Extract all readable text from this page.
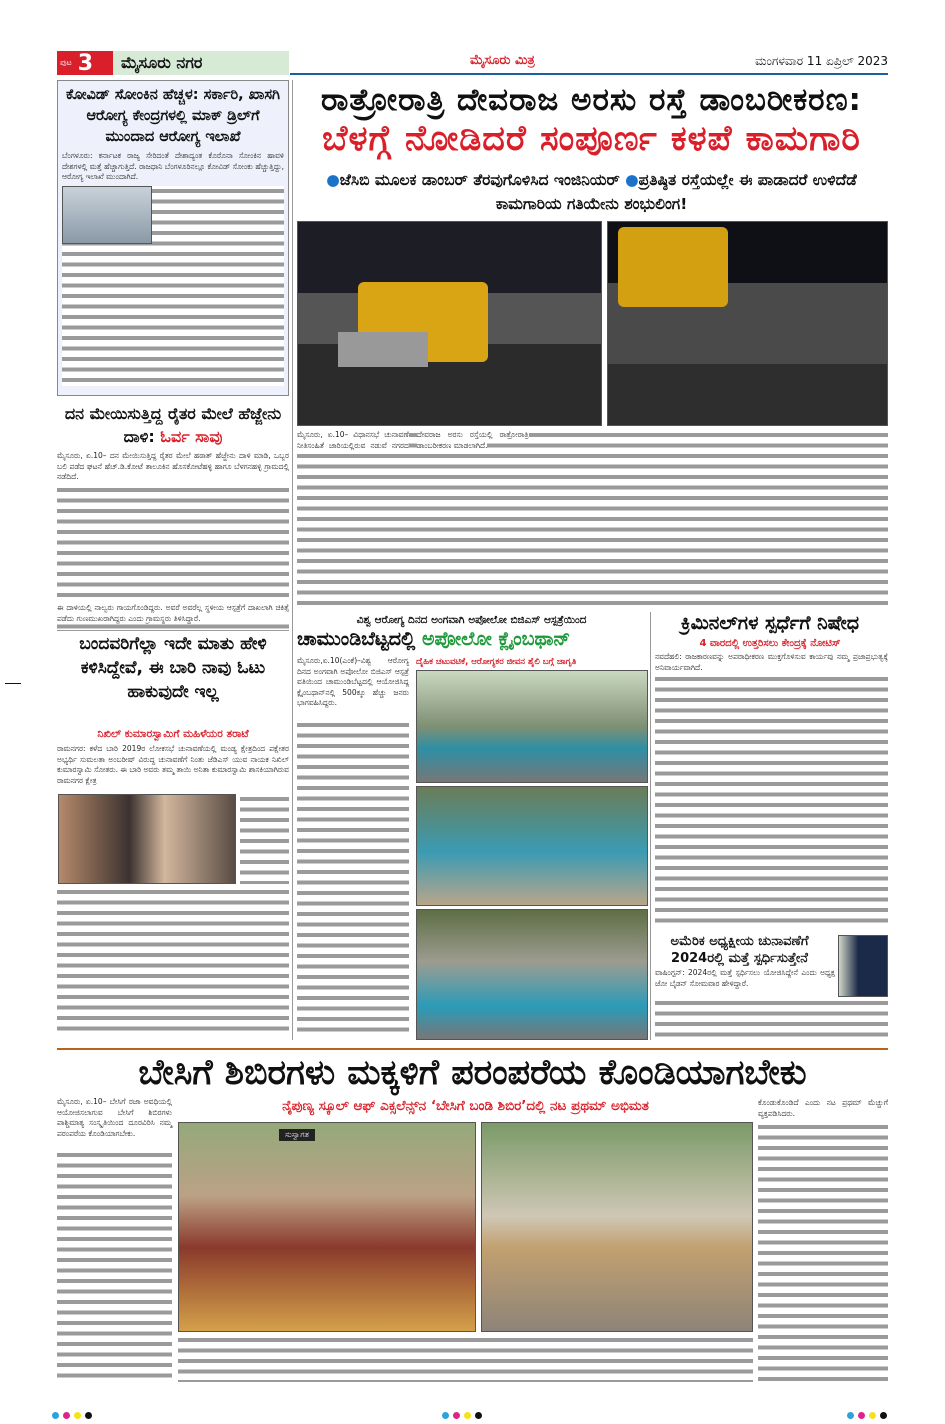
ಪುಟ 3	ಮೈಸೂರು ನಗರ	ಮೈಸೂರು ಮಿತ್ರ	ಮಂಗಳವಾರ 11 ಏಪ್ರಿಲ್ 2023
ರಾತ್ರೋರಾತ್ರಿ ದೇವರಾಜ ಅರಸು ರಸ್ತೆ ಡಾಂಬರೀಕರಣ:
ಬೆಳಗ್ಗೆ ನೋಡಿದರೆ ಸಂಪೂರ್ಣ ಕಳಪೆ ಕಾಮಗಾರಿ
●ಜೆಸಿಬಿ ಮೂಲಕ ಡಾಂಬರ್ ತೆರವುಗೊಳಿಸಿದ ಇಂಜಿನಿಯರ್ ●ಪ್ರತಿಷ್ಠಿತ ರಸ್ತೆಯಲ್ಲೇ ಈ ಪಾಡಾದರೆ ಉಳಿದೆಡೆ ಕಾಮಗಾರಿಯ ಗತಿಯೇನು ಶಂಭುಲಿಂಗ!
ಮೈಸೂರು, ಏ.10– ವಿಧಾನಸಭೆ ಚುನಾವಣೆ ನೀತಿಸಂಹಿತೆ ಜಾರಿಯಲ್ಲಿರುವ ನಡುವೆ ನಗರದ ದೇವರಾಜ ಅರಸು ರಸ್ತೆಯಲ್ಲಿ ರಾತ್ರೋರಾತ್ರಿ ಡಾಂಬರೀಕರಣ ಮಾಡಲಾಗಿದೆ.
ಕೋವಿಡ್ ಸೋಂಕಿನ ಹೆಚ್ಚಳ: ಸರ್ಕಾರಿ, ಖಾಸಗಿ ಆರೋಗ್ಯ ಕೇಂದ್ರಗಳಲ್ಲಿ ಮಾಕ್ ಡ್ರಿಲ್‌ಗೆ ಮುಂದಾದ ಆರೋಗ್ಯ ಇಲಾಖೆ
ಬೆಂಗಳೂರು: ಕರ್ನಾಟಕ ರಾಜ್ಯ ಸೇರಿದಂತೆ ದೇಶಾದ್ಯಂತ ಕೊರೊನಾ ಸೋಂಕಿನ ಹಾವಳಿ ದೇಶಗಳಲ್ಲಿ ಮತ್ತೆ ಹೆಚ್ಚಾಗುತ್ತಿದೆ. ರಾಜಧಾನಿ ಬೆಂಗಳೂರಿನಲ್ಲೂ ಕೋವಿಡ್ ಸೋಂಕು ಹೆಚ್ಚುತ್ತಿದ್ದು, ಆರೋಗ್ಯ ಇಲಾಖೆ ಮುಂದಾಗಿದೆ.
ದನ ಮೇಯಿಸುತ್ತಿದ್ದ ರೈತರ ಮೇಲೆ ಹೆಜ್ಜೇನು ದಾಳಿ: ಓರ್ವ ಸಾವು
ಮೈಸೂರು, ಏ.10– ದನ ಮೇಯಿಸುತ್ತಿದ್ದ ರೈತರ ಮೇಲೆ ಹಠಾತ್ ಹೆಜ್ಜೇನು ದಾಳಿ ಮಾಡಿ, ಒಬ್ಬರ ಬಲಿ ಪಡೆದ ಘಟನೆ ಹೆಚ್.ಡಿ.ಕೋಟೆ ತಾಲೂಕಿನ ಹೊಸಕೋಟೆಹಳ್ಳಿ ಹಾಗೂ ಬೆಳಗನಹಳ್ಳಿ ಗ್ರಾಮದಲ್ಲಿ ನಡೆದಿದೆ.
ಈ ದಾಳಿಯಲ್ಲಿ ನಾಲ್ವರು ಗಾಯಗೊಂಡಿದ್ದರು. ಅವರೆ ಅವರೆಲ್ಲ ಸ್ಥಳೀಯ ಆಸ್ಪತ್ರೆಗೆ ದಾಖಲಾಗಿ ಚಿಕಿತ್ಸೆ ಪಡೆದು ಗುಣಮುಖರಾಗಿದ್ದರು ಎಂದು ಗ್ರಾಮಸ್ಥರು ತಿಳಿಸಿದ್ದಾರೆ.
ಬಂದವರಿಗೆಲ್ಲಾ ಇದೇ ಮಾತು ಹೇಳಿ ಕಳಿಸಿದ್ದೇವೆ, ಈ ಬಾರಿ ನಾವು ಓಟು ಹಾಕುವುದೇ ಇಲ್ಲ
ನಿಖಿಲ್ ಕುಮಾರಸ್ವಾಮಿಗೆ ಮಹಿಳೆಯರ ತರಾಟೆ
ರಾಮನಗರ: ಕಳೆದ ಬಾರಿ 2019ರ ಲೋಕಸಭೆ ಚುನಾವಣೆಯಲ್ಲಿ ಮಂಡ್ಯ ಕ್ಷೇತ್ರದಿಂದ ಪಕ್ಷೇತರ ಅಭ್ಯರ್ಥಿ ಸುಮಲತಾ ಅಂಬರೀಷ್ ವಿರುದ್ಧ ಚುನಾವಣೆಗೆ ನಿಂತು ಜೆಡಿಎಸ್ ಯುವ ನಾಯಕ ನಿಖಿಲ್ ಕುಮಾರಸ್ವಾಮಿ ಸೋತರು. ಈ ಬಾರಿ ಅವರು ತಮ್ಮ ತಾಯಿ ಅನಿತಾ ಕುಮಾರಸ್ವಾಮಿ ಶಾಸಕಿಯಾಗಿರುವ ರಾಮನಗರ ಕ್ಷೇತ್ರ
ವಿಶ್ವ ಆರೋಗ್ಯ ದಿನದ ಅಂಗವಾಗಿ ಅಪೋಲೋ ಬಿಜಿಎಸ್ ಆಸ್ಪತ್ರೆಯಿಂದ
ಚಾಮುಂಡಿಬೆಟ್ಟದಲ್ಲಿ ಅಪೋಲೋ ಕ್ಲೈಂಬಥಾನ್
ಮೈಸೂರು,ಏ.10(ಎಂಕೆ)–ವಿಶ್ವ ಆರೋಗ್ಯ ದಿನದ ಅಂಗವಾಗಿ ಅಪೋಲೋ ಬಿಜಿಎಸ್ ಆಸ್ಪತ್ರೆ ವತಿಯಿಂದ ಚಾಮುಂಡಿಬೆಟ್ಟದಲ್ಲಿ ಆಯೋಜಿಸಿದ್ದ ಕ್ಲೈಂಬಥಾನ್‌ನಲ್ಲಿ 500ಕ್ಕೂ ಹೆಚ್ಚು ಜನರು ಭಾಗವಹಿಸಿದ್ದರು.
ದೈಹಿಕ ಚಟುವಟಿಕೆ, ಆರೋಗ್ಯಕರ ಜೀವನ ಶೈಲಿ ಬಗ್ಗೆ ಜಾಗೃತಿ
ಕ್ರಿಮಿನಲ್‌ಗಳ ಸ್ಪರ್ಧೆಗೆ ನಿಷೇಧ
4 ವಾರದಲ್ಲಿ ಉತ್ತರಿಸಲು ಕೇಂದ್ರಕ್ಕೆ ನೋಟಿಸ್
ನವದೆಹಲಿ: ರಾಜಕಾರಣವನ್ನು ಅಪರಾಧೀಕರಣ ಮುಕ್ತಗೊಳಿಸುವ ಕಾರ್ಯವು ನಮ್ಮ ಪ್ರಜಾಪ್ರಭುತ್ವಕ್ಕೆ ಅನಿವಾರ್ಯವಾಗಿದೆ.
ಅಮೆರಿಕ ಅಧ್ಯಕ್ಷೀಯ ಚುನಾವಣೆಗೆ
2024ರಲ್ಲಿ ಮತ್ತೆ ಸ್ಪರ್ಧಿಸುತ್ತೇನೆ
ವಾಷಿಂಗ್ಟನ್: 2024ರಲ್ಲಿ ಮತ್ತೆ ಸ್ಪರ್ಧಿಸಲು ಯೋಜಿಸಿದ್ದೇನೆ ಎಂದು ಅಧ್ಯಕ್ಷ ಜೋ ಬೈಡನ್ ಸೋಮವಾರ ಹೇಳಿದ್ದಾರೆ.
ಬೇಸಿಗೆ ಶಿಬಿರಗಳು ಮಕ್ಕಳಿಗೆ ಪರಂಪರೆಯ ಕೊಂಡಿಯಾಗಬೇಕು
ಮೈಸೂರು, ಏ.10– ಬೇಸಿಗೆ ರಜಾ ಅವಧಿಯಲ್ಲಿ ಆಯೋಜಿಸಲಾಗುವ ಬೇಸಿಗೆ ಶಿಬಿರಗಳು ಪಾಶ್ಚಿಮಾತ್ಯ ಸಂಸ್ಕೃತಿಯಿಂದ ದೂರವಿರಿಸಿ ನಮ್ಮ ಪರಂಪರೆಯ ಕೊಂಡಿಯಾಗಬೇಕು.
ನೈಪುಣ್ಯ ಸ್ಕೂಲ್ ಆಫ್ ಎಕ್ಸಲೆನ್ಸ್‌ನ ‘ಬೇಸಿಗೆ ಬಂಡಿ ಶಿಬಿರ’ದಲ್ಲಿ ನಟ ಪ್ರಥಮ್ ಅಭಿಮತ
ಸುಸ್ವಾಗತ
ಕೊಂಡುಕೊಂಡಿದೆ ಎಂದು ನಟ ಪ್ರಥಮ್ ಮೆಚ್ಚುಗೆ ವ್ಯಕ್ತಪಡಿಸಿದರು.
